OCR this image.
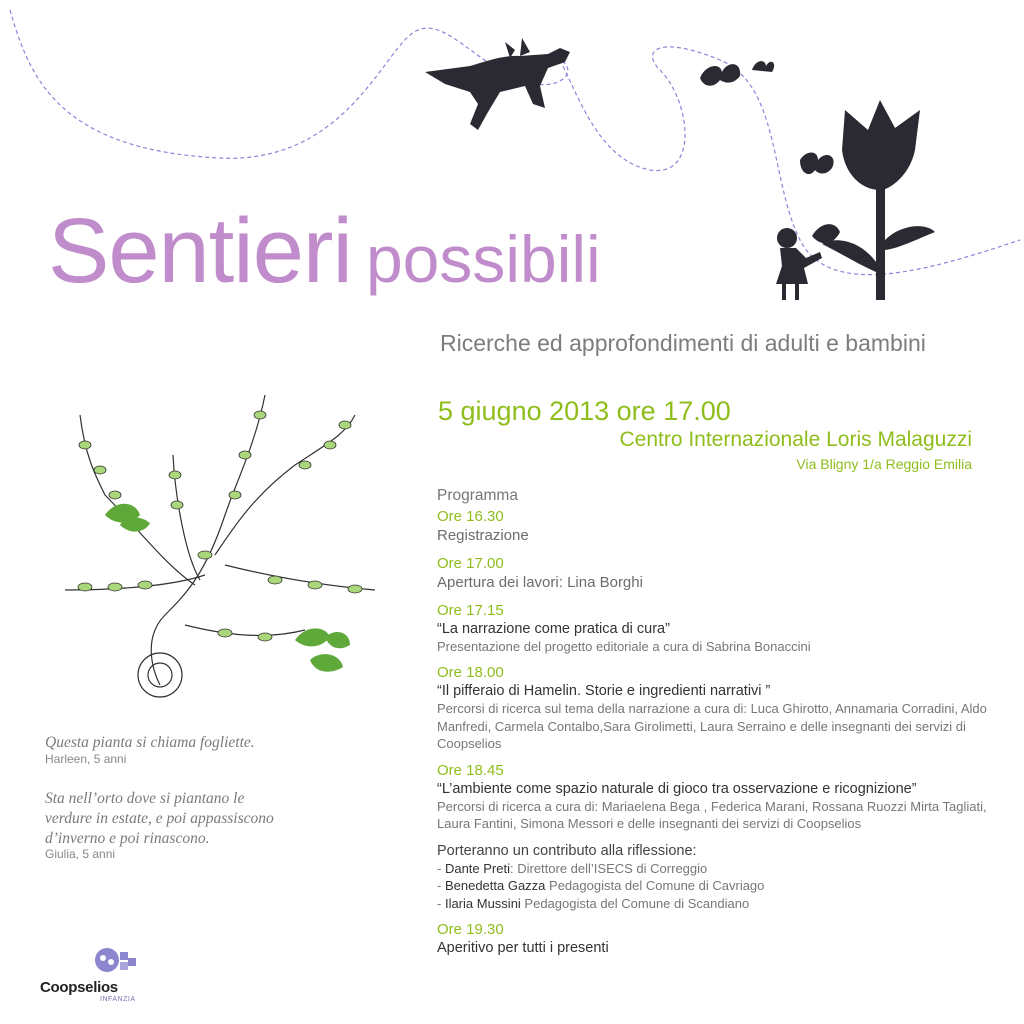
Sentieri possibili
Ricerche ed approfondimenti di adulti e bambini
5 giugno 2013 ore 17.00
Centro Internazionale Loris Malaguzzi
Via Bligny 1/a Reggio Emilia
Questa pianta si chiama fogliette.
Harleen, 5 anni
Sta nell’orto dove si piantano le
verdure in estate, e poi appassiscono
d’inverno e poi rinascono.
Giulia, 5 anni
Programma
Ore 16.30
Registrazione
Ore 17.00
Apertura dei lavori: Lina Borghi
Ore 17.15
“La narrazione come pratica di cura”
Presentazione del progetto editoriale a cura di Sabrina Bonaccini
Ore 18.00
“Il pifferaio di Hamelin. Storie e ingredienti narrativi ”
Percorsi di ricerca sul tema della narrazione a cura di: Luca Ghirotto, Annamaria Corradini, Aldo Manfredi, Carmela Contalbo,Sara Girolimetti, Laura Serraino e delle insegnanti dei servizi di Coopselios
Ore 18.45
“L’ambiente come spazio naturale di gioco tra osservazione e ricognizione”
Percorsi di ricerca a cura di: Mariaelena Bega , Federica Marani, Rossana Ruozzi Mirta Tagliati, Laura Fantini, Simona Messori e delle insegnanti dei servizi di Coopselios
Porteranno un contributo alla riflessione:
- Dante Preti: Direttore dell’ISECS di Correggio
- Benedetta Gazza Pedagogista del Comune di Cavriago
- Ilaria Mussini Pedagogista del Comune di Scandiano
Ore 19.30
Aperitivo per tutti i presenti
Coopselios
INFANZIA
